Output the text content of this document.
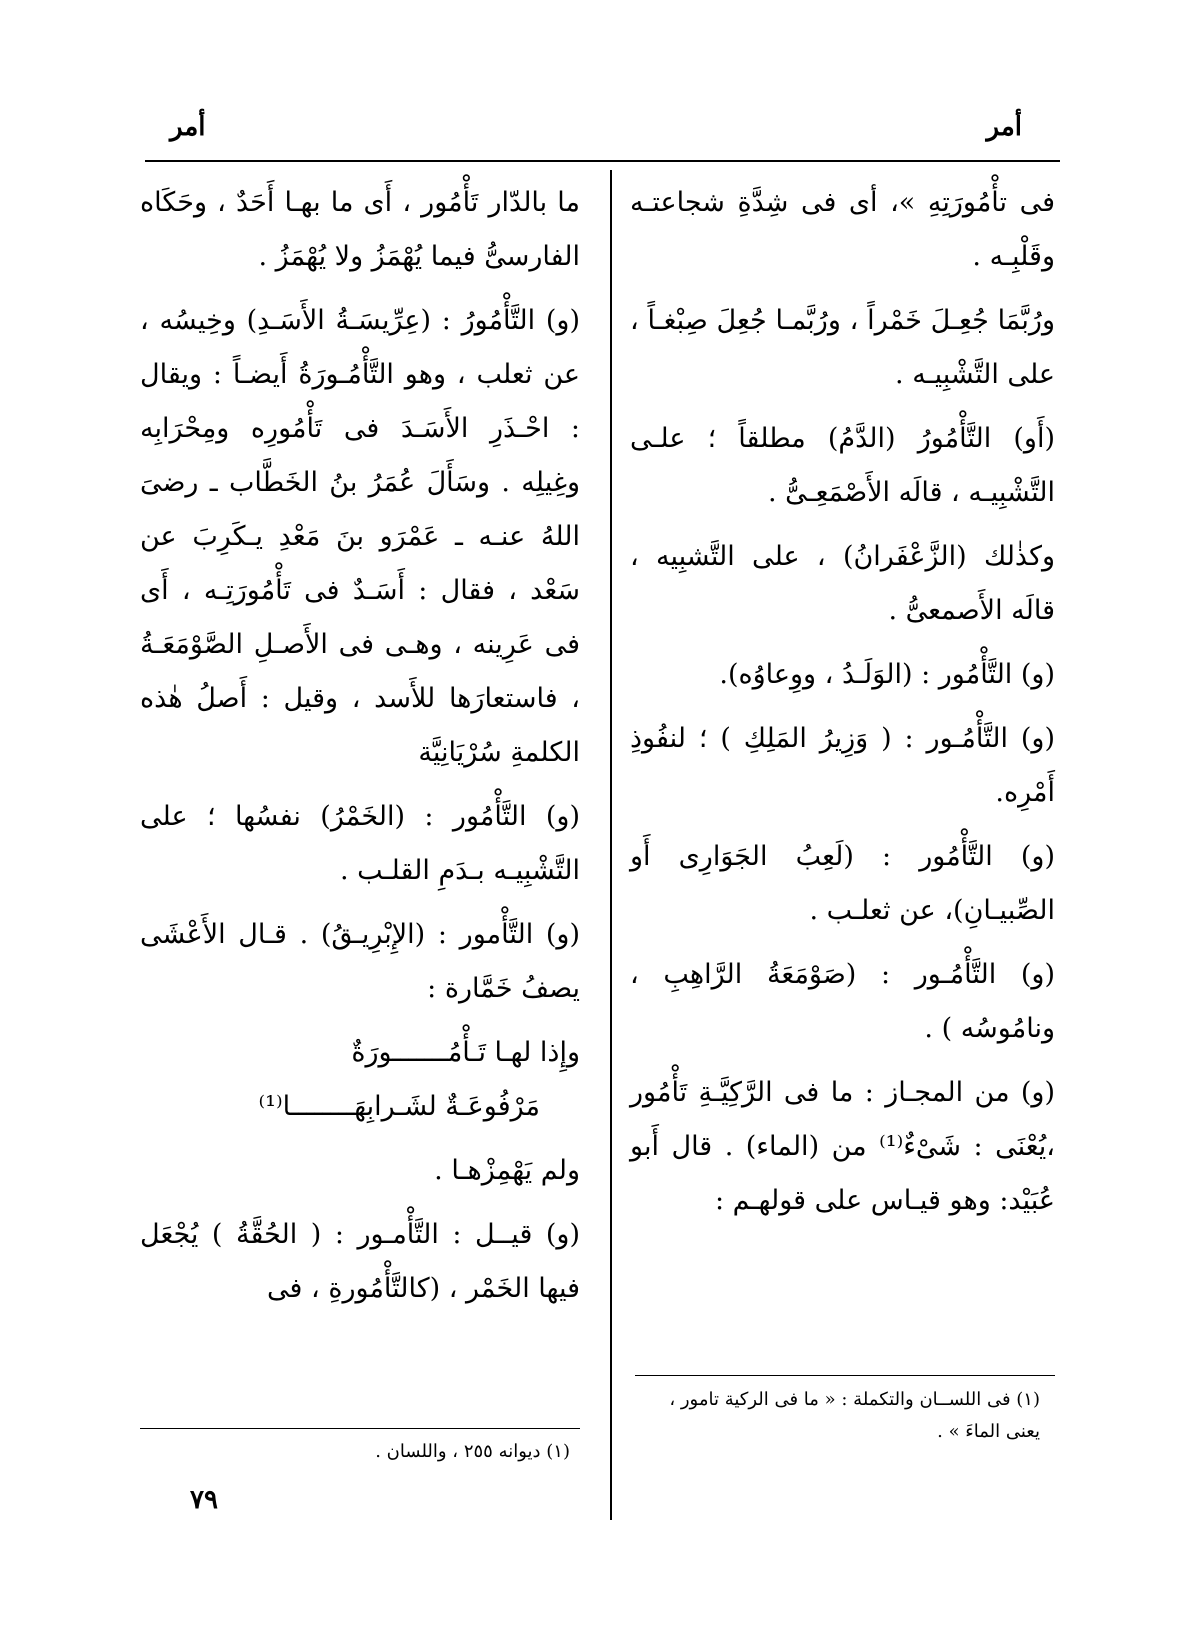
أمر
أمر

فى تأْمُورَتِهِ »، أى فى شِدَّةِ شجاعتـه وقَلْبِـه .

ورُبَّمَا جُعِـلَ خَمْراً ، ورُبَّمـا جُعِلَ صِبْغـاً ، على التَّشْبِيـه .

(أَو) التَّأْمُورُ (الدَّمُ) مطلقاً ؛ علـى التَّشْبِيـه ، قالَه الأَصْمَعِـىُّ .

وكذٰلك (الزَّعْفَرانُ) ، على التَّشبِيه ، قالَه الأَصمعىُّ .

(و) التَّأْمُور : (الوَلَـدُ ، ووِعاوُه).

(و) التَّأْمُـور : ( وَزِيرُ المَلِكِ ) ؛ لنفُوذِ أَمْرِه.

(و) التَّأْمُور : (لَعِبُ الجَوَارِى أَو الصِّبيـانِ)، عن ثعلـب .

(و) التَّأْمُـور : (صَوْمَعَةُ الرَّاهِبِ ، ونامُوسُه ) .

(و) من المجـاز : ما فى الرَّكِيَّـةِ تَأْمُور ،يُعْنَى : شَىْءٌ⁽¹⁾ من (الماء) . قال أَبو عُبَيْد: وهو قيـاس على قولهـم :

ما بالدّار تَأْمُور ، أَى ما بهـا أَحَدٌ ، وحَكَاه الفارسىُّ فيما يُهْمَزُ ولا يُهْمَزُ .

(و) التَّأْمُورُ : (عِرِّيسَـةُ الأَسَـدِ) وخِيسُه ، عن ثعلب ، وهو التَّأْمُـورَةُ أَيضـاً : ويقال : احْـذَرِ الأَسَـدَ فى تَأْمُورِه ومِحْرَابِه وغِيلِه . وسَأَلَ عُمَرُ بنُ الخَطَّاب ـ رضىَ اللهُ عنـه ـ عَمْرَو بنَ مَعْدِ يـكَرِبَ عن سَعْد ، فقال : أَسَـدٌ فى تَأْمُورَتِـه ، أَى فى عَرِينه ، وهـى فى الأَصـلِ الصَّوْمَعَـةُ ، فاستعارَها للأَسد ، وقيل : أَصلُ هٰذه الكلمةِ سُرْيَانِيَّة

(و) التَّأْمُور : (الخَمْرُ) نفسُها ؛ على التَّشْبِيـه بـدَمِ القلـب .

(و) التَّأْمور : (الإِبْرِيـقُ) . قـال الأَعْشَى يصفُ خَمَّارة :

وإِذا لهـا تَـأْمُـــــــورَةٌ

مَرْفُوعَـةٌ لشَـرابِهَــــــــا⁽¹⁾

ولم يَهْمِزْهـا .

(و) قيــل : التَّأْمـور : ( الحُقَّةُ ) يُجْعَل فيها الخَمْر ، (كالتَّأْمُورةِ ، فى

(١) فى اللســان والتكملة : « ما فى الركية تامور ، يعنى الماءَ » .
(١) ديوانه ٢٥٥ ، واللسان .
٧٩
